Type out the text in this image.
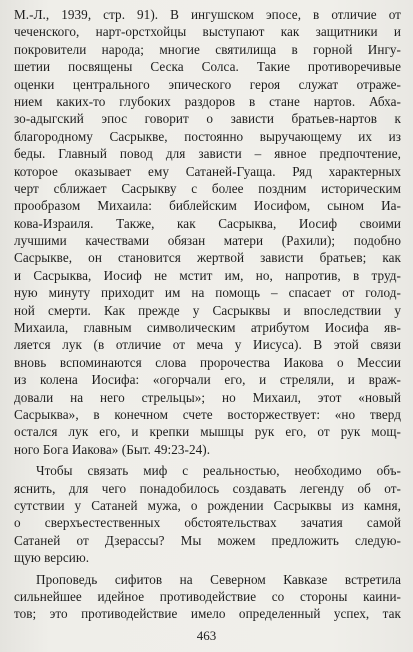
М.-Л., 1939, стр. 91). В ингушском эпосе, в отличие от
чеченского, нарт-орстхойцы выступают как защитники и
покровители народа; многие святилища в горной Ингу-
шетии посвящены Сеска Солса. Такие противоречивые
оценки центрального эпического героя служат отраже-
нием каких-то глубоких раздоров в стане нартов. Абха-
зо-адыгский эпос говорит о зависти братьев-нартов к
благородному Сасрыкве, постоянно выручающему их из
беды. Главный повод для зависти – явное предпочтение,
которое оказывает ему Сатаней-Гуаща. Ряд характерных
черт сближает Сасрыкву с более поздним историческим
прообразом Михаила: библейским Иосифом, сыном Иа-
кова-Израиля. Также, как Сасрыква, Иосиф своими
лучшими качествами обязан матери (Рахили); подобно
Сасрыкве, он становится жертвой зависти братьев; как
и Сасрыква, Иосиф не мстит им, но, напротив, в труд-
ную минуту приходит им на помощь – спасает от голод-
ной смерти. Как прежде у Сасрыквы и впоследствии у
Михаила, главным символическим атрибутом Иосифа яв-
ляется лук (в отличие от меча у Иисуса). В этой связи
вновь вспоминаются слова пророчества Иакова о Мессии
из колена Иосифа: «огорчали его, и стреляли, и враж-
довали на него стрельцы»; но Михаил, этот «новый
Сасрыква», в конечном счете восторжествует: «но тверд
остался лук его, и крепки мышцы рук его, от рук мощ-
ного Бога Иакова» (Быт. 49:23-24).
Чтобы связать миф с реальностью, необходимо объ-
яснить, для чего понадобилось создавать легенду об от-
сутствии у Сатаней мужа, о рождении Сасрыквы из камня,
о сверхъестественных обстоятельствах зачатия самой
Сатаней от Дзерассы? Мы можем предложить следую-
щую версию.
Проповедь сифитов на Северном Кавказе встретила
сильнейшее идейное противодействие со стороны каини-
тов; это противодействие имело определенный успех, так
463
